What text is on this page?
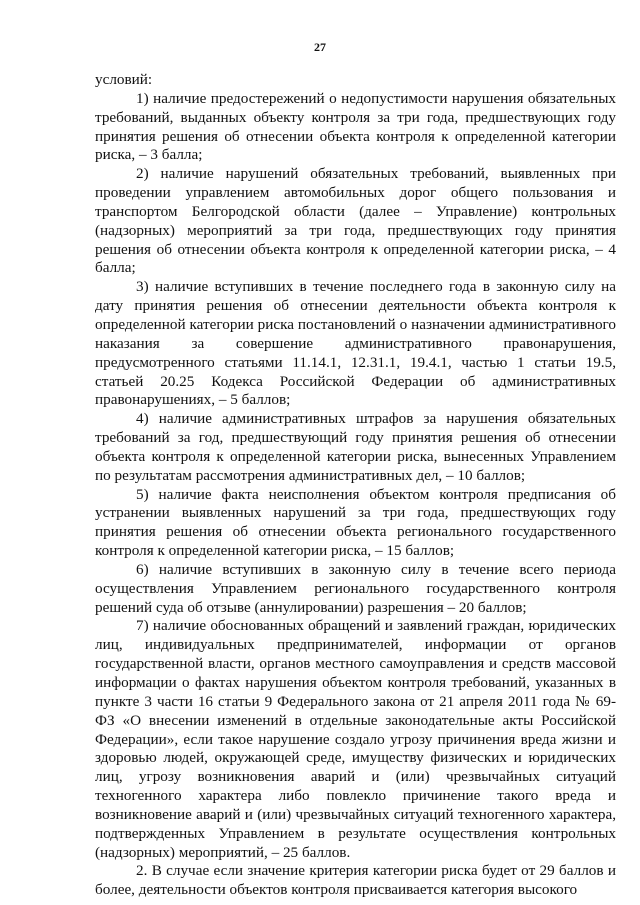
27

условий:

1) наличие предостережений о недопустимости нарушения обязательных требований, выданных объекту контроля за три года, предшествующих году принятия решения об отнесении объекта контроля к определенной категории риска, – 3 балла;

2) наличие нарушений обязательных требований, выявленных при проведении управлением автомобильных дорог общего пользования и транспортом Белгородской области (далее – Управление) контрольных (надзорных) мероприятий за три года, предшествующих году принятия решения об отнесении объекта контроля к определенной категории риска, – 4 балла;

3) наличие вступивших в течение последнего года в законную силу на дату принятия решения об отнесении деятельности объекта контроля к определенной категории риска постановлений о назначении административного наказания за совершение административного правонарушения, предусмотренного статьями 11.14.1, 12.31.1, 19.4.1, частью 1 статьи 19.5, статьей 20.25 Кодекса Российской Федерации об административных правонарушениях, – 5 баллов;

4) наличие административных штрафов за нарушения обязательных требований за год, предшествующий году принятия решения об отнесении объекта контроля к определенной категории риска, вынесенных Управлением по результатам рассмотрения административных дел, – 10 баллов;

5) наличие факта неисполнения объектом контроля предписания об устранении выявленных нарушений за три года, предшествующих году принятия решения об отнесении объекта регионального государственного контроля к определенной категории риска, – 15 баллов;

6) наличие вступивших в законную силу в течение всего периода осуществления Управлением регионального государственного контроля решений суда об отзыве (аннулировании) разрешения – 20 баллов;

7) наличие обоснованных обращений и заявлений граждан, юридических лиц, индивидуальных предпринимателей, информации от органов государственной власти, органов местного самоуправления и средств массовой информации о фактах нарушения объектом контроля требований, указанных в пункте 3 части 16 статьи 9 Федерального закона от 21 апреля 2011 года № 69-ФЗ «О внесении изменений в отдельные законодательные акты Российской Федерации», если такое нарушение создало угрозу причинения вреда жизни и здоровью людей, окружающей среде, имуществу физических и юридических лиц, угрозу возникновения аварий и (или) чрезвычайных ситуаций техногенного характера либо повлекло причинение такого вреда и возникновение аварий и (или) чрезвычайных ситуаций техногенного характера, подтвержденных Управлением в результате осуществления контрольных (надзорных) мероприятий, – 25 баллов.

2. В случае если значение критерия категории риска будет от 29 баллов и более, деятельности объектов контроля присваивается категория высокого
